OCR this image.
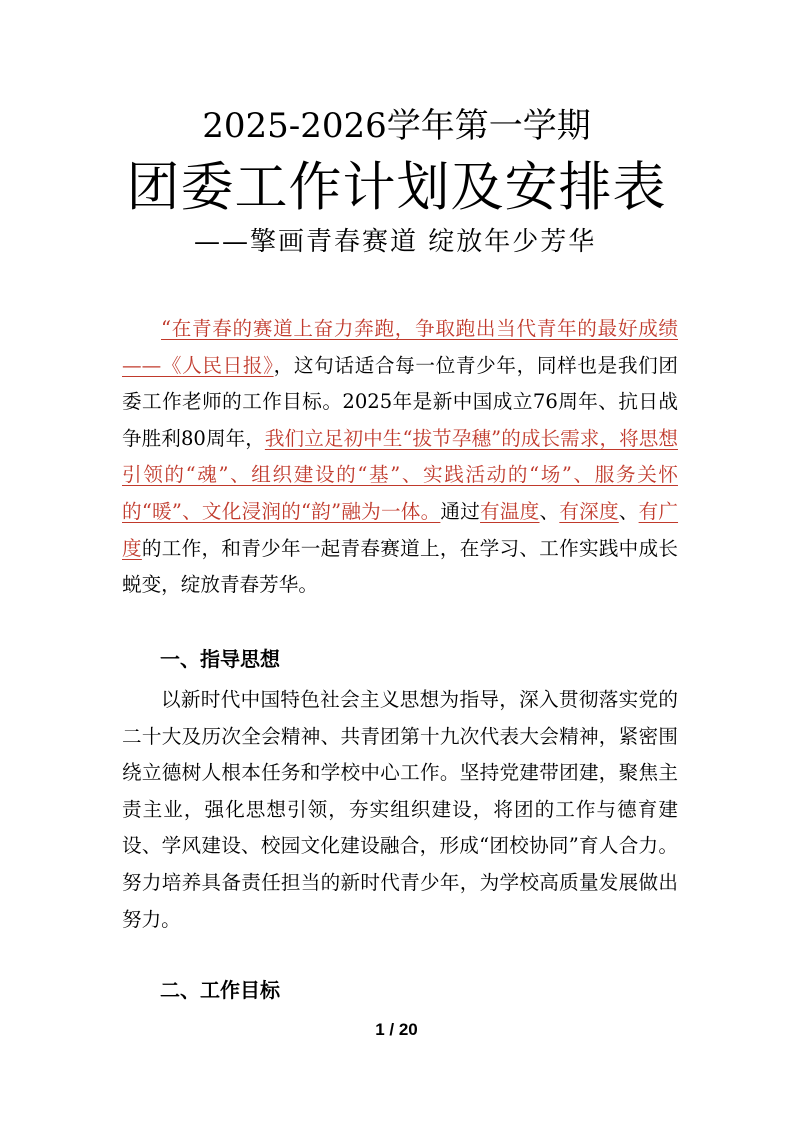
2025-2026学年第一学期
团委工作计划及安排表
——擎画青春赛道 绽放年少芳华

“在青春的赛道上奋力奔跑，争取跑出当代青年的最好成绩——《人民日报》，这句话适合每一位青少年，同样也是我们团委工作老师的工作目标。2025年是新中国成立76周年、抗日战争胜利80周年，我们立足初中生“拔节孕穗”的成长需求，将思想引领的“魂”、组织建设的“基”、实践活动的“场”、服务关怀的“暖”、文化浸润的“韵”融为一体。通过有温度、有深度、有广度的工作，和青少年一起青春赛道上，在学习、工作实践中成长蜕变，绽放青春芳华。

一、指导思想

以新时代中国特色社会主义思想为指导，深入贯彻落实党的二十大及历次全会精神、共青团第十九次代表大会精神，紧密围绕立德树人根本任务和学校中心工作。坚持党建带团建，聚焦主责主业，强化思想引领，夯实组织建设，将团的工作与德育建设、学风建设、校园文化建设融合，形成“团校协同”育人合力。努力培养具备责任担当的新时代青少年，为学校高质量发展做出努力。

二、工作目标
1 / 20
